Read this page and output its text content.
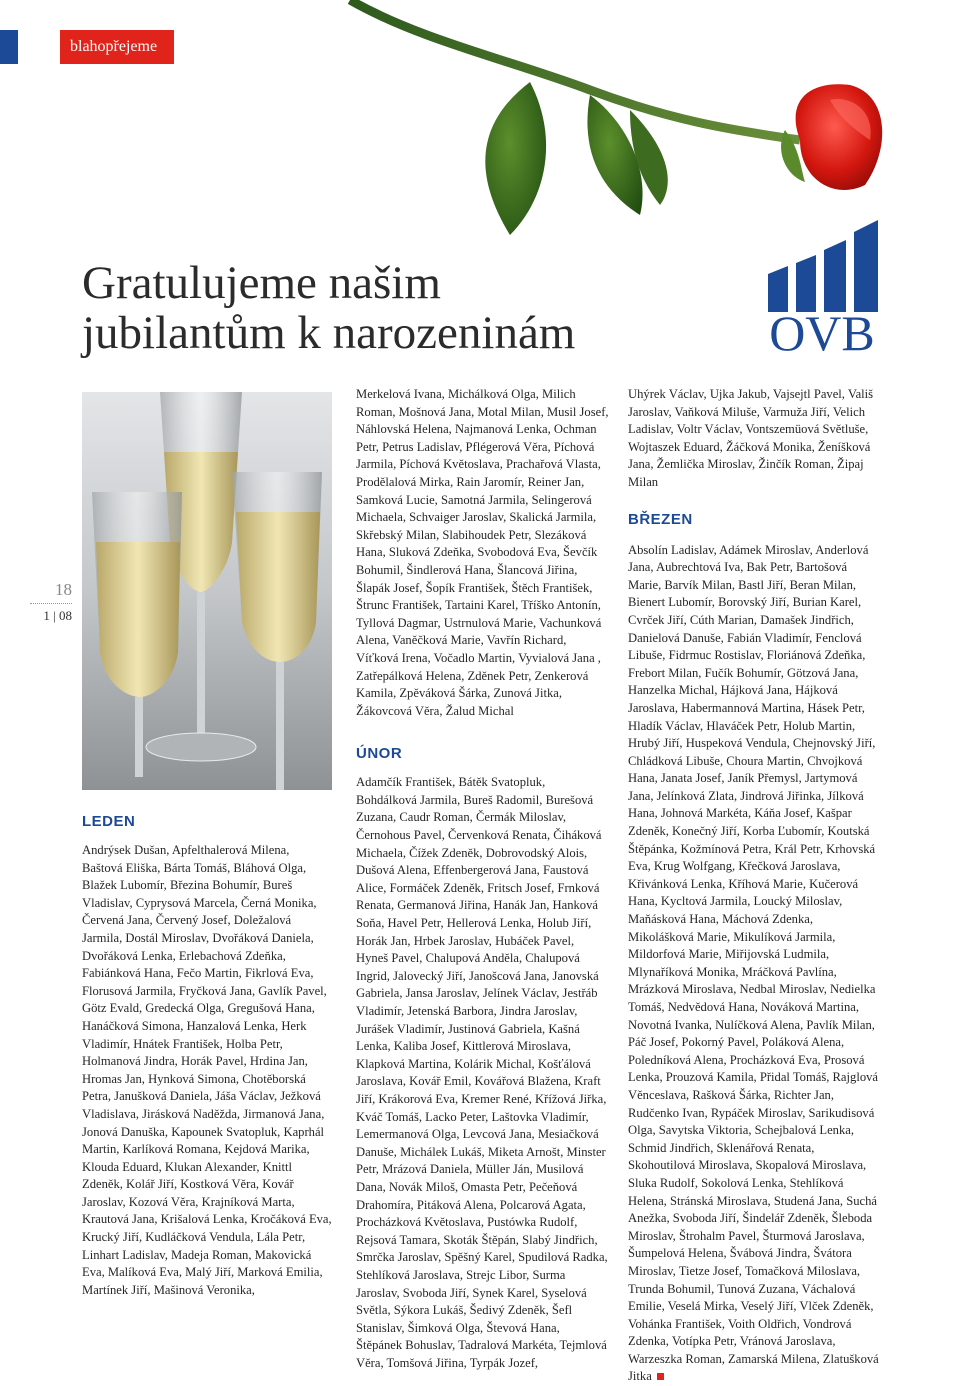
blahopřejeme
Gratulujeme našim
jubilantům k narozeninám	OVB
18
1 | 08
LEDEN
Andrýsek Dušan, Apfelthalerová Milena, Baštová Eliška, Bárta Tomáš, Bláhová Olga, Blažek Lubomír, Březina Bohumír, Bureš Vladislav, Cyprysová Marcela, Černá Monika, Červená Jana, Červený Josef, Doležalová Jarmila, Dostál Miroslav, Dvořáková Daniela, Dvořáková Lenka, Erlebachová Zdeňka, Fabiánková Hana, Fečo Martin, Fikrlová Eva, Florusová Jarmila, Fryčková Jana, Gavlík Pavel, Götz Evald, Gredecká Olga, Gregušová Hana, Hanáčková Simona, Hanzalová Lenka, Herk Vladimír, Hnátek František, Holba Petr, Holmanová Jindra, Horák Pavel, Hrdina Jan, Hromas Jan, Hynková Simona, Chotěborská Petra, Janušková Daniela, Jáša Václav, Ježková Vladislava, Jirásková Naděžda, Jirmanová Jana, Jonová Danuška, Kapounek Svatopluk, Kaprhál Martin, Karlíková Romana, Kejdová Marika, Klouda Eduard, Klukan Alexander, Knittl Zdeněk, Kolář Jiří, Kostková Věra, Kovář Jaroslav, Kozová Věra, Krajníková Marta, Krautová Jana, Krišalová Lenka, Kročáková Eva, Krucký Jiří, Kudláčková Vendula, Lála Petr, Linhart Ladislav, Madeja Roman, Makovická Eva, Malíková Eva, Malý Jiří, Marková Emilia, Martínek Jiří, Mašinová Veronika,
Merkelová Ivana, Michálková Olga, Milich Roman, Mošnová Jana, Motal Milan, Musil Josef, Náhlovská Helena, Najmanová Lenka, Ochman Petr, Petrus Ladislav, Pflégerová Věra, Píchová Jarmila, Píchová Květoslava, Prachařová Vlasta, Prodělalová Mirka, Rain Jaromír, Reiner Jan, Samková Lucie, Samotná Jarmila, Selingerová Michaela, Schvaiger Jaroslav, Skalická Jarmila, Skřebský Milan, Slabihoudek Petr, Slezáková Hana, Sluková Zdeňka, Svobodová Eva, Ševčík Bohumil, Šindlerová Hana, Šlancová Jiřina, Šlapák Josef, Šopík František, Štěch František, Štrunc František, Tartaini Karel, Tříško Antonín, Tyllová Dagmar, Ustrnulová Marie, Vachunková Alena, Vaněčková Marie, Vavřín Richard, Víťková Irena, Vočadlo Martin, Vyvialová Jana , Zatřepálková Helena, Zděnek Petr, Zenkerová Kamila, Zpěváková Šárka, Zunová Jitka, Žákovcová Věra, Žalud Michal
ÚNOR
Adamčík František, Bátěk Svatopluk, Bohdálková Jarmila, Bureš Radomil, Burešová Zuzana, Caudr Roman, Čermák Miloslav, Černohous Pavel, Červenková Renata, Čiháková Michaela, Čížek Zdeněk, Dobrovodský Alois, Dušová Alena, Effenbergerová Jana, Faustová Alice, Formáček Zdeněk, Fritsch Josef, Frnková Renata, Germanová Jiřina, Hanák Jan, Hanková Soňa, Havel Petr, Hellerová Lenka, Holub Jiří, Horák Jan, Hrbek Jaroslav, Hubáček Pavel, Hyneš Pavel, Chalupová Anděla, Chalupová Ingrid, Jalovecký Jiří, Janošcová Jana, Janovská Gabriela, Jansa Jaroslav, Jelínek Václav, Jestřáb Vladimír, Jetenská Barbora, Jindra Jaroslav, Jurášek Vladimír, Justinová Gabriela, Kašná Lenka, Kaliba Josef, Kittlerová Miroslava, Klapková Martina, Kolárik Michal, Košťálová Jaroslava, Kovář Emil, Kovářová Blažena, Kraft Jiří, Krákorová Eva, Kremer René, Křížová Jiřka, Kváč Tomáš, Lacko Peter, Laštovka Vladimír, Lemermanová Olga, Levcová Jana, Mesiačková Danuše, Michálek Lukáš, Miketa Arnošt, Minster Petr, Mrázová Daniela, Müller Ján, Musilová Dana, Novák Miloš, Omasta Petr, Pečeňová Drahomíra, Pitáková Alena, Polcarová Agata, Procházková Květoslava, Pustówka Rudolf, Rejsová Tamara, Skoták Štěpán, Slabý Jindřich, Smrčka Jaroslav, Spěšný Karel, Spudilová Radka, Stehlíková Jaroslava, Strejc Libor, Surma Jaroslav, Svoboda Jiří, Synek Karel, Syselová Světla, Sýkora Lukáš, Šedivý Zdeněk, Šefl Stanislav, Šimková Olga, Števová Hana, Štěpánek Bohuslav, Tadralová Markéta, Tejmlová Věra, Tomšová Jiřina, Tyrpák Jozef,
Uhýrek Václav, Ujka Jakub, Vajsejtl Pavel, Vališ Jaroslav, Vaňková Miluše, Varmuža Jiří, Velich Ladislav, Voltr Václav, Vontszemüová Světluše, Wojtaszek Eduard, Žáčková Monika, Ženíšková Jana, Žemlička Miroslav, Žinčík Roman, Žipaj Milan
BŘEZEN
Absolín Ladislav, Adámek Miroslav, Anderlová Jana, Aubrechtová Iva, Bak Petr, Bartošová Marie, Barvík Milan, Bastl Jiří, Beran Milan, Bienert Lubomír, Borovský Jiří, Burian Karel, Cvrček Jiří, Cúth Marian, Damašek Jindřich, Danielová Danuše, Fabián Vladimír, Fenclová Libuše, Fidrmuc Rostislav, Floriánová Zdeňka, Frebort Milan, Fučík Bohumír, Götzová Jana, Hanzelka Michal, Hájková Jana, Hájková Jaroslava, Habermannová Martina, Hásek Petr, Hladík Václav, Hlaváček Petr, Holub Martin, Hrubý Jiří, Huspeková Vendula, Chejnovský Jiří, Chládková Libuše, Choura Martin, Chvojková Hana, Janata Josef, Janík Přemysl, Jartymová Jana, Jelínková Zlata, Jindrová Jiřinka, Jílková Hana, Johnová Markéta, Káňa Josef, Kašpar Zdeněk, Konečný Jiří, Korba Ľubomír, Koutská Štěpánka, Kožmínová Petra, Král Petr, Krhovská Eva, Krug Wolfgang, Křečková Jaroslava, Křivánková Lenka, Kříhová Marie, Kučerová Hana, Kycltová Jarmila, Loucký Miloslav, Maňásková Hana, Máchová Zdenka, Mikolášková Marie, Mikulíková Jarmila, Mildorfová Marie, Miřijovská Ludmila, Mlynaříková Monika, Mráčková Pavlína, Mrázková Miroslava, Nedbal Miroslav, Nedielka Tomáš, Nedvědová Hana, Nováková Martina, Novotná Ivanka, Nulíčková Alena, Pavlík Milan, Páč Josef, Pokorný Pavel, Poláková Alena, Poledníková Alena, Procházková Eva, Prosová Lenka, Prouzová Kamila, Přidal Tomáš, Rajglová Věnceslava, Rašková Šárka, Richter Jan, Rudčenko Ivan, Rypáček Miroslav, Sarikudisová Olga, Savytska Viktoria, Schejbalová Lenka, Schmid Jindřich, Sklenářová Renata, Skohoutilová Miroslava, Skopalová Miroslava, Sluka Rudolf, Sokolová Lenka, Stehlíková Helena, Stránská Miroslava, Studená Jana, Suchá Anežka, Svoboda Jiří, Šindelář Zdeněk, Šleboda Miroslav, Štrohalm Pavel, Šturmová Jaroslava, Šumpelová Helena, Švábová Jindra, Švátora Miroslav, Tietze Josef, Tomačková Miloslava, Trunda Bohumil, Tunová Zuzana, Váchalová Emilie, Veselá Mirka, Veselý Jiří, Vlček Zdeněk, Vohánka František, Voith Oldřich, Vondrová Zdenka, Votípka Petr, Vránová Jaroslava, Warzeszka Roman, Zamarská Milena, Zlatušková Jitka
